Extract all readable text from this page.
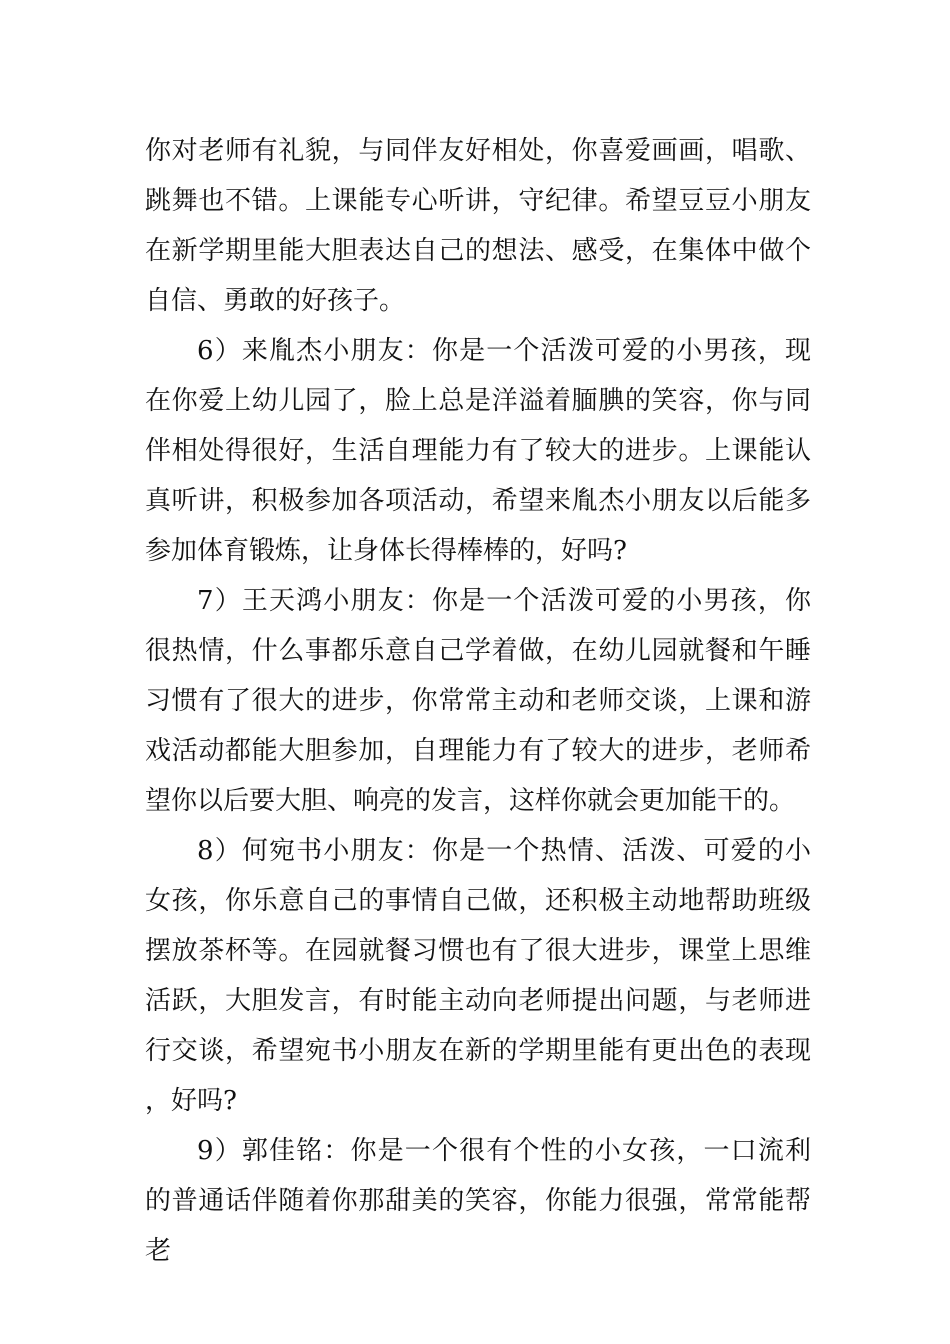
你对老师有礼貌，与同伴友好相处，你喜爱画画，唱歌、跳舞也不错。上课能专心听讲，守纪律。希望豆豆小朋友在新学期里能大胆表达自己的想法、感受，在集体中做个自信、勇敢的好孩子。

6）来胤杰小朋友：你是一个活泼可爱的小男孩，现在你爱上幼儿园了，脸上总是洋溢着腼腆的笑容，你与同伴相处得很好，生活自理能力有了较大的进步。上课能认真听讲，积极参加各项活动，希望来胤杰小朋友以后能多参加体育锻炼，让身体长得棒棒的，好吗?

7）王天鸿小朋友：你是一个活泼可爱的小男孩，你很热情，什么事都乐意自己学着做，在幼儿园就餐和午睡习惯有了很大的进步，你常常主动和老师交谈，上课和游戏活动都能大胆参加，自理能力有了较大的进步，老师希望你以后要大胆、响亮的发言，这样你就会更加能干的。

8）何宛书小朋友：你是一个热情、活泼、可爱的小女孩，你乐意自己的事情自己做，还积极主动地帮助班级摆放茶杯等。在园就餐习惯也有了很大进步，课堂上思维活跃，大胆发言，有时能主动向老师提出问题，与老师进行交谈，希望宛书小朋友在新的学期里能有更出色的表现，好吗?

9）郭佳铭：你是一个很有个性的小女孩，一口流利的普通话伴随着你那甜美的笑容，你能力很强，常常能帮老
